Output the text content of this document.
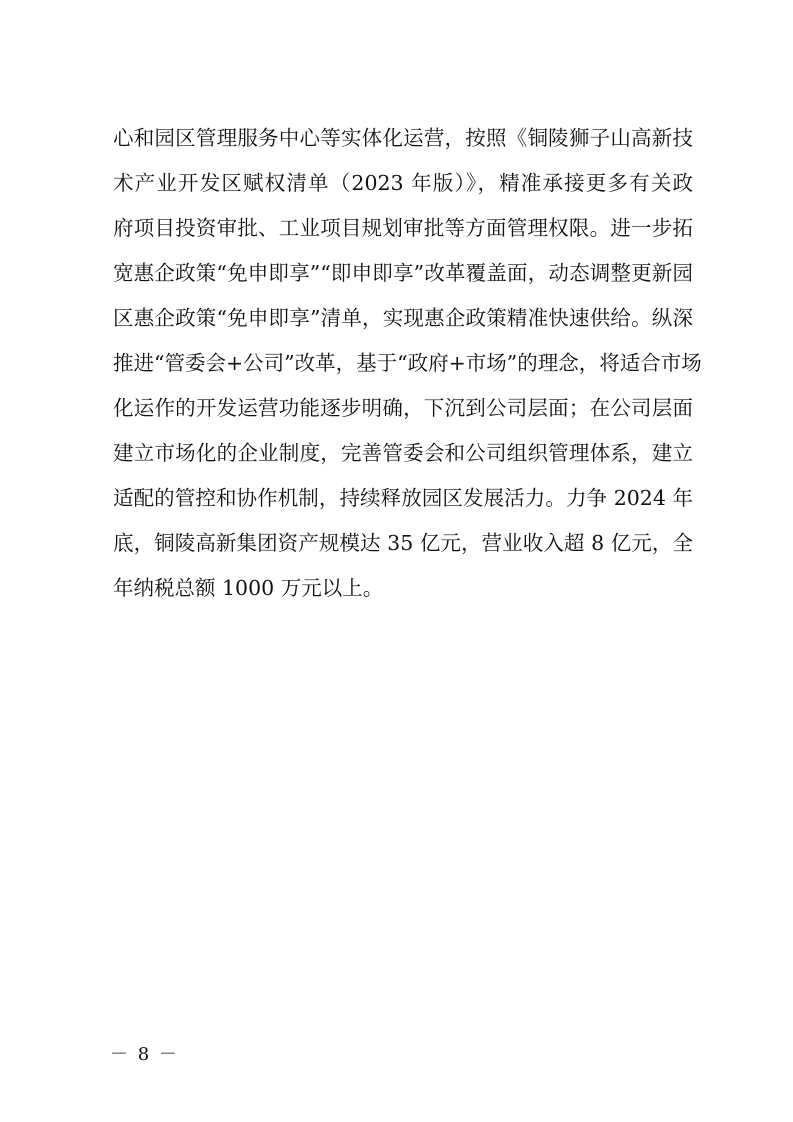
心和园区管理服务中心等实体化运营，按照《铜陵狮子山高新技
术产业开发区赋权清单（2023 年版）》，精准承接更多有关政
府项目投资审批、工业项目规划审批等方面管理权限。进一步拓
宽惠企政策“免申即享”“即申即享”改革覆盖面，动态调整更新园
区惠企政策“免申即享”清单，实现惠企政策精准快速供给。纵深
推进“管委会+公司”改革，基于“政府+市场”的理念，将适合市场
化运作的开发运营功能逐步明确，下沉到公司层面；在公司层面
建立市场化的企业制度，完善管委会和公司组织管理体系，建立
适配的管控和协作机制，持续释放园区发展活力。力争 2024 年
底，铜陵高新集团资产规模达 35 亿元，营业收入超 8 亿元，全
年纳税总额 1000 万元以上。
－ 8 －
